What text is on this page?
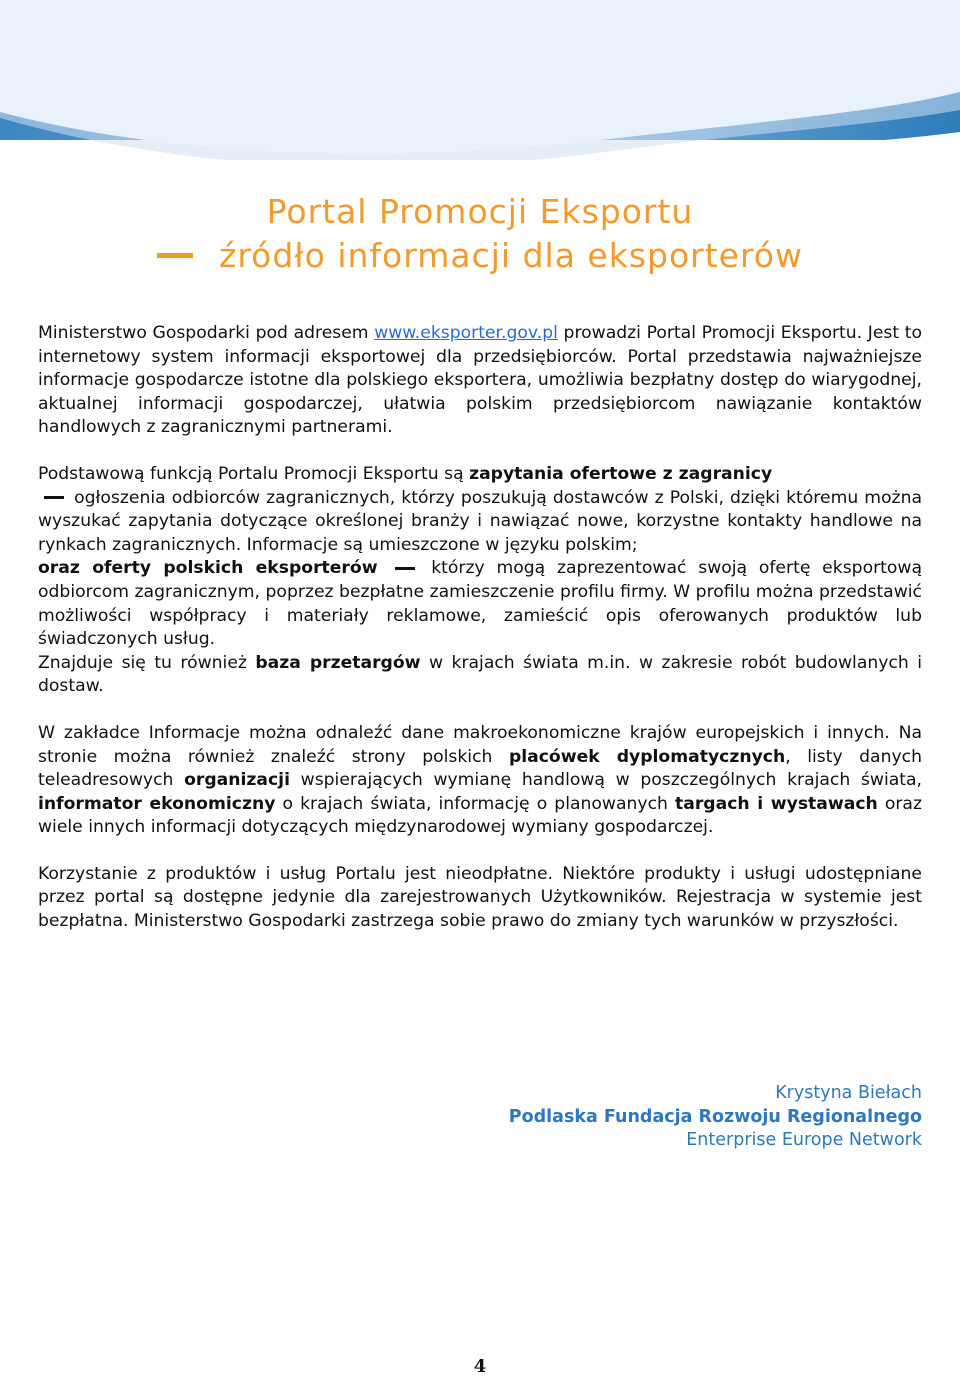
Portal Promocji Eksportu
źródło informacji dla eksporterów

Ministerstwo Gospodarki pod adresem www.eksporter.gov.pl prowadzi Portal Promocji Eksportu. Jest to internetowy system informacji eksportowej dla przedsiębiorców. Portal przedstawia najważniejsze informacje gospodarcze istotne dla polskiego eksportera, umożliwia bezpłatny dostęp do wiarygodnej, aktualnej informacji gospodarczej, ułatwia polskim przedsiębiorcom nawiązanie kontaktów handlowych z zagranicznymi partnerami.

Podstawową funkcją Portalu Promocji Eksportu są zapytania ofertowe z zagranicy
ogłoszenia odbiorców zagranicznych, którzy poszukują dostawców z Polski, dzięki któremu można wyszukać zapytania dotyczące określonej branży i nawiązać nowe, korzystne kontakty handlowe na rynkach zagranicznych. Informacje są umieszczone w języku polskim;
oraz oferty polskich eksporterów	którzy mogą zaprezentować swoją ofertę eksportową odbiorcom zagranicznym, poprzez bezpłatne zamieszczenie profilu firmy. W profilu można przedstawić możliwości współpracy i materiały reklamowe, zamieścić opis oferowanych produktów lub świadczonych usług.
Znajduje się tu również baza przetargów w krajach świata m.in. w zakresie robót budowlanych i dostaw.

W zakładce Informacje można odnaleźć dane makroekonomiczne krajów europejskich i innych. Na stronie można również znaleźć strony polskich placówek dyplomatycznych, listy danych teleadresowych organizacji wspierających wymianę handlową w poszczególnych krajach świata, informator ekonomiczny o krajach świata, informację o planowanych targach i wystawach oraz wiele innych informacji dotyczących międzynarodowej wymiany gospodarczej.

Korzystanie z produktów i usług Portalu jest nieodpłatne. Niektóre produkty i usługi udostępniane przez portal są dostępne jedynie dla zarejestrowanych Użytkowników. Rejestracja w systemie jest bezpłatna. Ministerstwo Gospodarki zastrzega sobie prawo do zmiany tych warunków w przyszłości.

Krystyna Biełach
Podlaska Fundacja Rozwoju Regionalnego
Enterprise Europe Network
4
